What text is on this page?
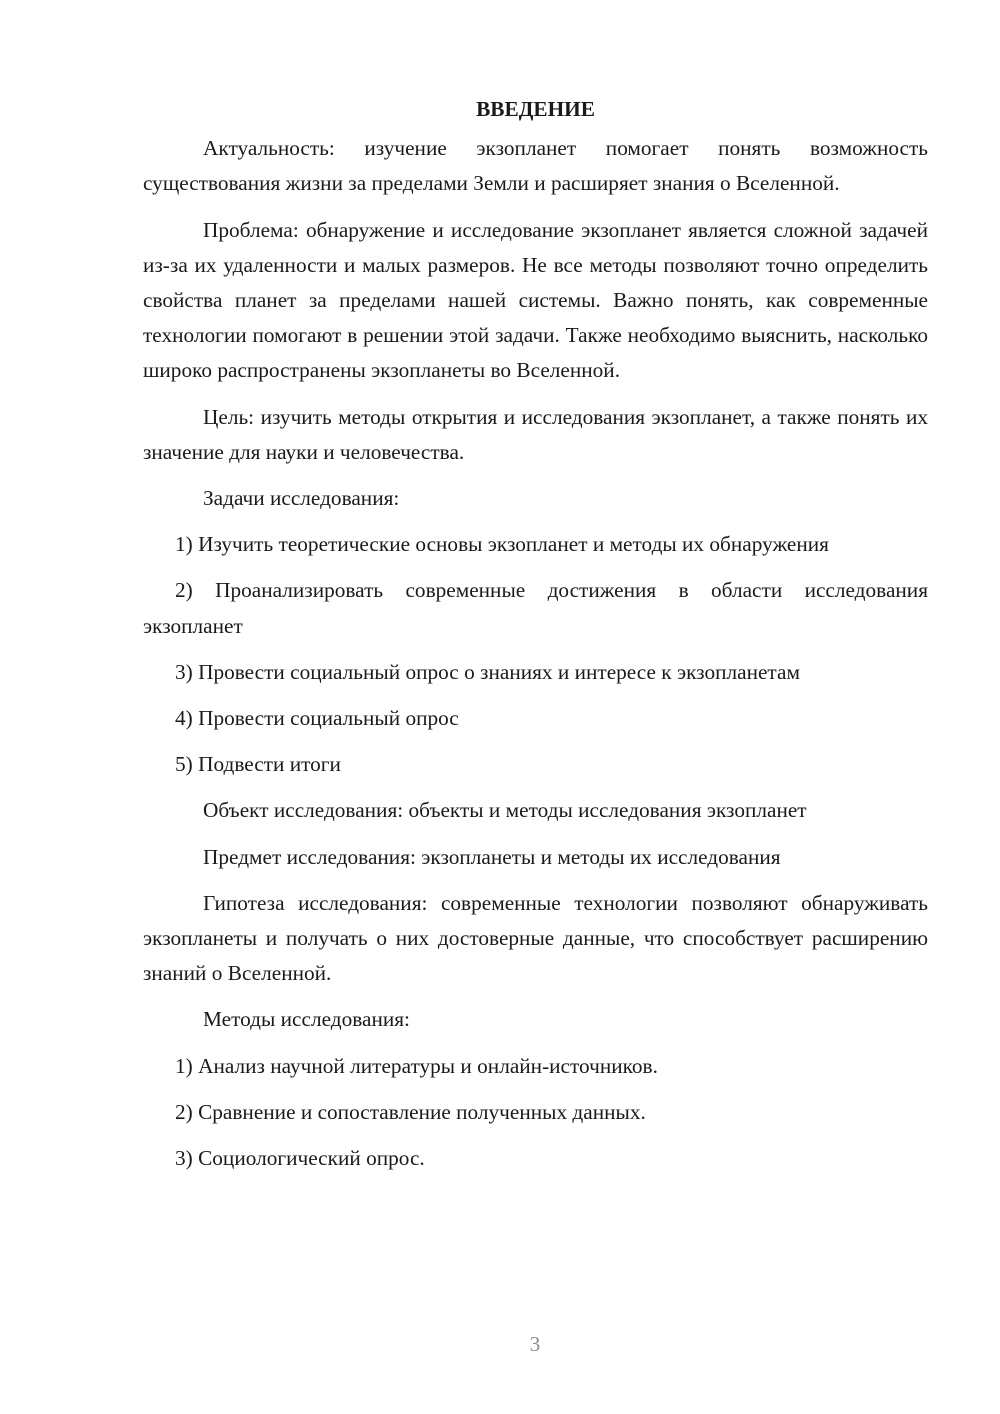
ВВЕДЕНИЕ

Актуальность: изучение экзопланет помогает понять возможность существования жизни за пределами Земли и расширяет знания о Вселенной.

Проблема: обнаружение и исследование экзопланет является сложной задачей из-за их удаленности и малых размеров. Не все методы позволяют точно определить свойства планет за пределами нашей системы. Важно понять, как современные технологии помогают в решении этой задачи. Также необходимо выяснить, насколько широко распространены экзопланеты во Вселенной.

Цель: изучить методы открытия и исследования экзопланет, а также понять их значение для науки и человечества.

Задачи исследования:

1) Изучить теоретические основы экзопланет и методы их обнаружения

2) Проанализировать современные достижения в области исследования экзопланет

3) Провести социальный опрос о знаниях и интересе к экзопланетам

4) Провести социальный опрос

5) Подвести итоги

Объект исследования: объекты и методы исследования экзопланет

Предмет исследования: экзопланеты и методы их исследования

Гипотеза исследования: современные технологии позволяют обнаруживать экзопланеты и получать о них достоверные данные, что способствует расширению знаний о Вселенной.

Методы исследования:

1) Анализ научной литературы и онлайн-источников.

2) Сравнение и сопоставление полученных данных.

3) Социологический опрос.

3
